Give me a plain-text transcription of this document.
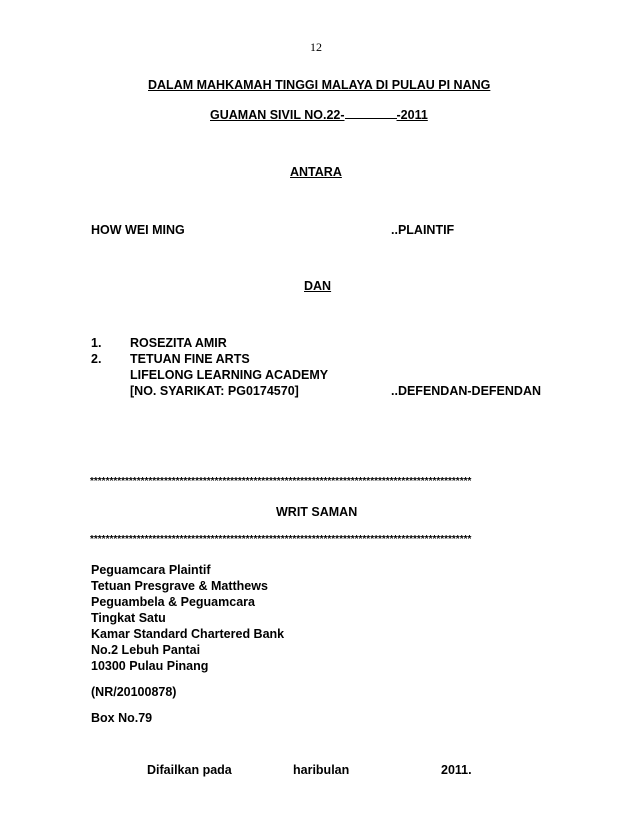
12
DALAM MAHKAMAH TINGGI MALAYA DI PULAU PI NANG
GUAMAN SIVIL NO.22-	-2011
ANTARA
HOW WEI MING	..PLAINTIF
DAN
1. ROSEZITA AMIR
2. TETUAN FINE ARTS
LIFELONG LEARNING ACADEMY
[NO. SYARIKAT: PG0174570]	..DEFENDAN-DEFENDAN
**************************************************************************************************
WRIT SAMAN
**************************************************************************************************
Peguamcara Plaintif
Tetuan Presgrave & Matthews
Peguambela & Peguamcara
Tingkat Satu
Kamar Standard Chartered Bank
No.2 Lebuh Pantai
10300 Pulau Pinang
(NR/20100878)
Box No.79
Difailkan pada	haribulan	2011.
